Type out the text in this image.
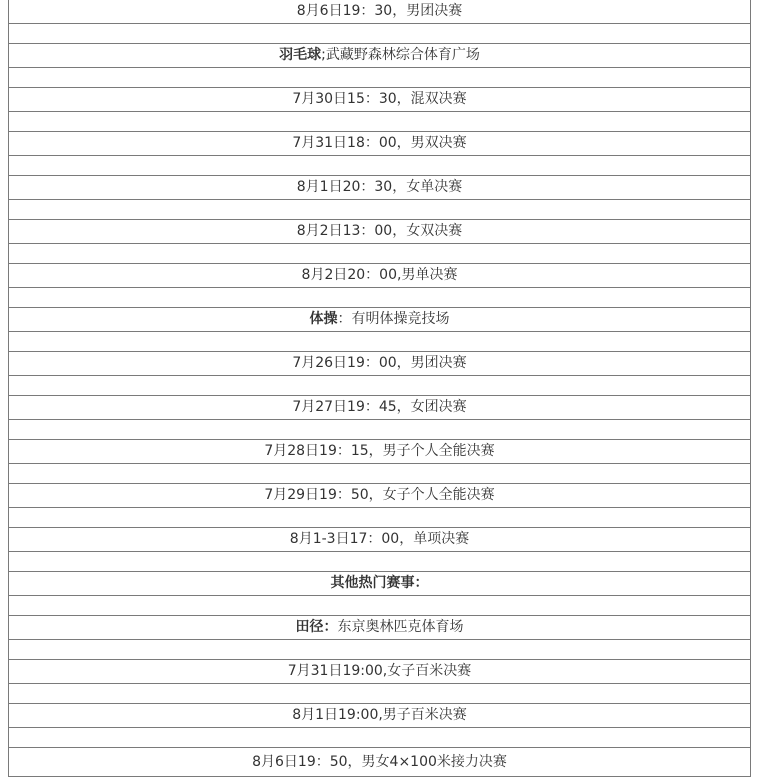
8月6日19：30，男团决赛

羽毛球;武藏野森林综合体育广场

7月30日15：30，混双决赛

7月31日18：00，男双决赛

8月1日20：30，女单决赛

8月2日13：00，女双决赛

8月2日20：00,男单决赛

体操：有明体操竞技场

7月26日19：00，男团决赛

7月27日19：45，女团决赛

7月28日19：15，男子个人全能决赛

7月29日19：50，女子个人全能决赛

8月1-3日17：00，单项决赛

其他热门赛事：

田径：东京奥林匹克体育场

7月31日19:00,女子百米决赛

8月1日19:00,男子百米决赛

8月6日19：50，男女4×100米接力决赛
